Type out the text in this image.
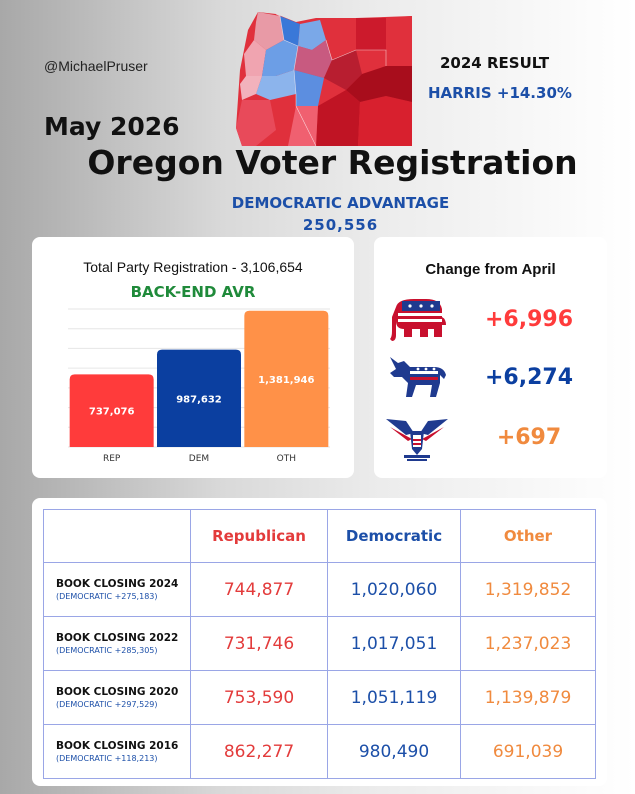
@MichaelPruser	2024 RESULT
HARRIS +14.30%
May 2026
Oregon Voter Registration
DEMOCRATIC ADVANTAGE
250,556
Total Party Registration - 3,106,654
BACK-END AVR
737,076
REP
987,632
DEM
1,381,946
OTH
Change from April
+6,996
+6,274
+697
	Republican	Democratic	Other

BOOK CLOSING 2024
(DEMOCRATIC +275,183)	744,877	1,020,060	1,319,852

BOOK CLOSING 2022
(DEMOCRATIC +285,305)	731,746	1,017,051	1,237,023

BOOK CLOSING 2020
(DEMOCRATIC +297,529)	753,590	1,051,119	1,139,879

BOOK CLOSING 2016
(DEMOCRATIC +118,213)	862,277	980,490	691,039
